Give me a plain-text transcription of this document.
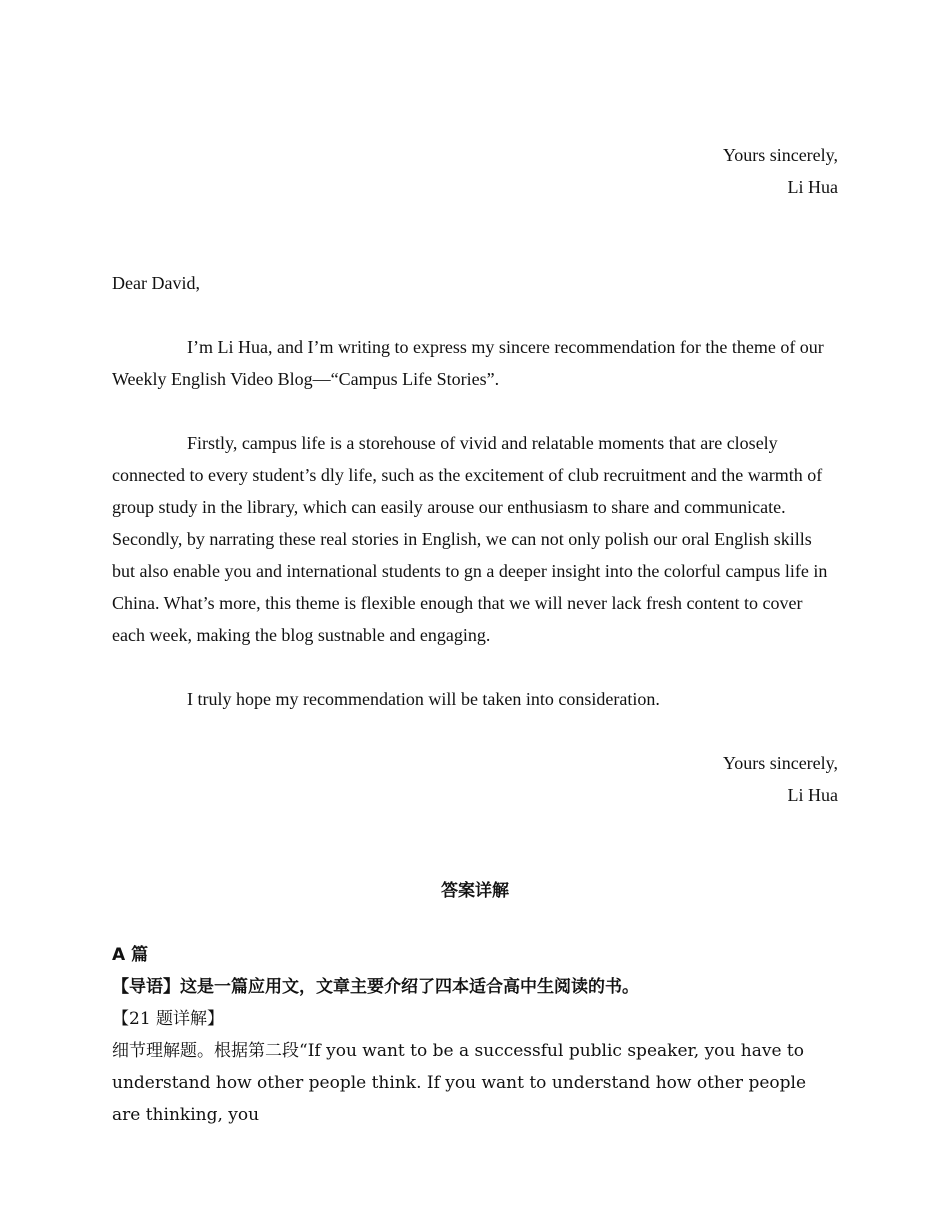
Yours sincerely,
Li Hua

Dear David,

I’m Li Hua, and I’m writing to express my sincere recommendation for the theme of our Weekly English Video Blog—“Campus Life Stories”.

Firstly, campus life is a storehouse of vivid and relatable moments that are closely connected to every student’s dly life, such as the excitement of club recruitment and the warmth of group study in the library, which can easily arouse our enthusiasm to share and communicate. Secondly, by narrating these real stories in English, we can not only polish our oral English skills but also enable you and international students to gn a deeper insight into the colorful campus life in China. What’s more, this theme is flexible enough that we will never lack fresh content to cover each week, making the blog sustnable and engaging.

I truly hope my recommendation will be taken into consideration.

Yours sincerely,
Li Hua

答案详解

A 篇

【导语】这是一篇应用文，文章主要介绍了四本适合高中生阅读的书。

【21 题详解】

细节理解题。根据第二段“If you want to be a successful public speaker, you have to understand how other people think. If you want to understand how other people are thinking, you
